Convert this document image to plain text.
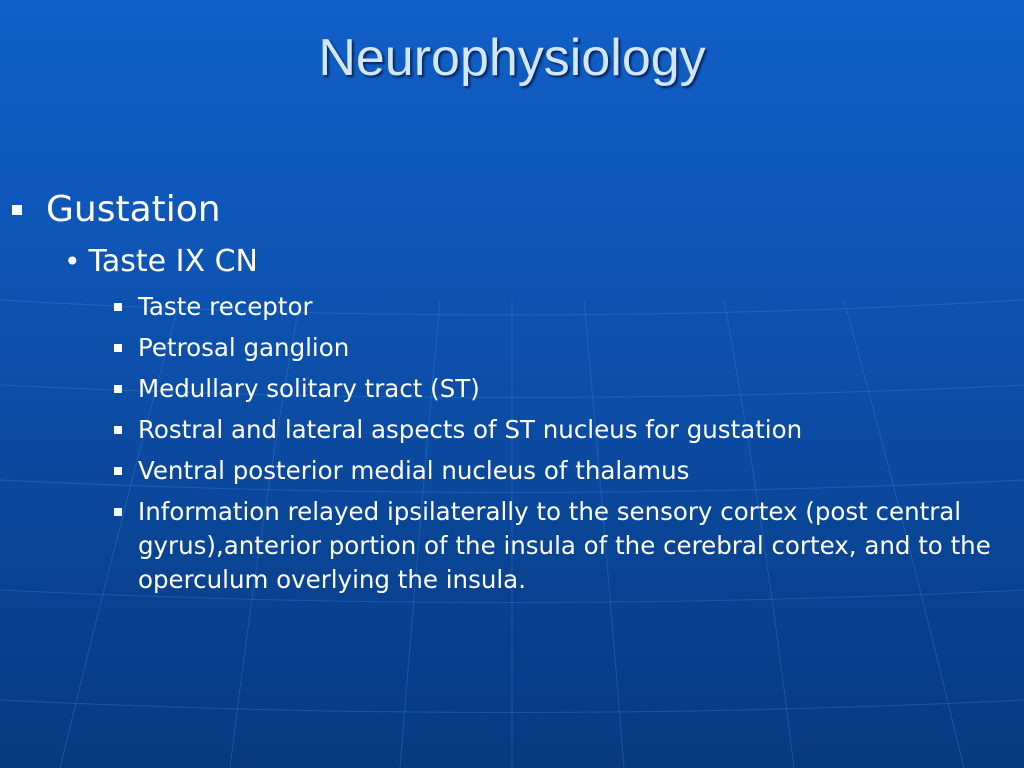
Neurophysiology
Gustation
• Taste IX CN
Taste receptor
Petrosal ganglion
Medullary solitary tract (ST)
Rostral and lateral aspects of ST nucleus for gustation
Ventral posterior medial nucleus of thalamus
Information relayed ipsilaterally to the sensory cortex (post central gyrus),anterior portion of the insula of the cerebral cortex, and to the operculum overlying the insula.
